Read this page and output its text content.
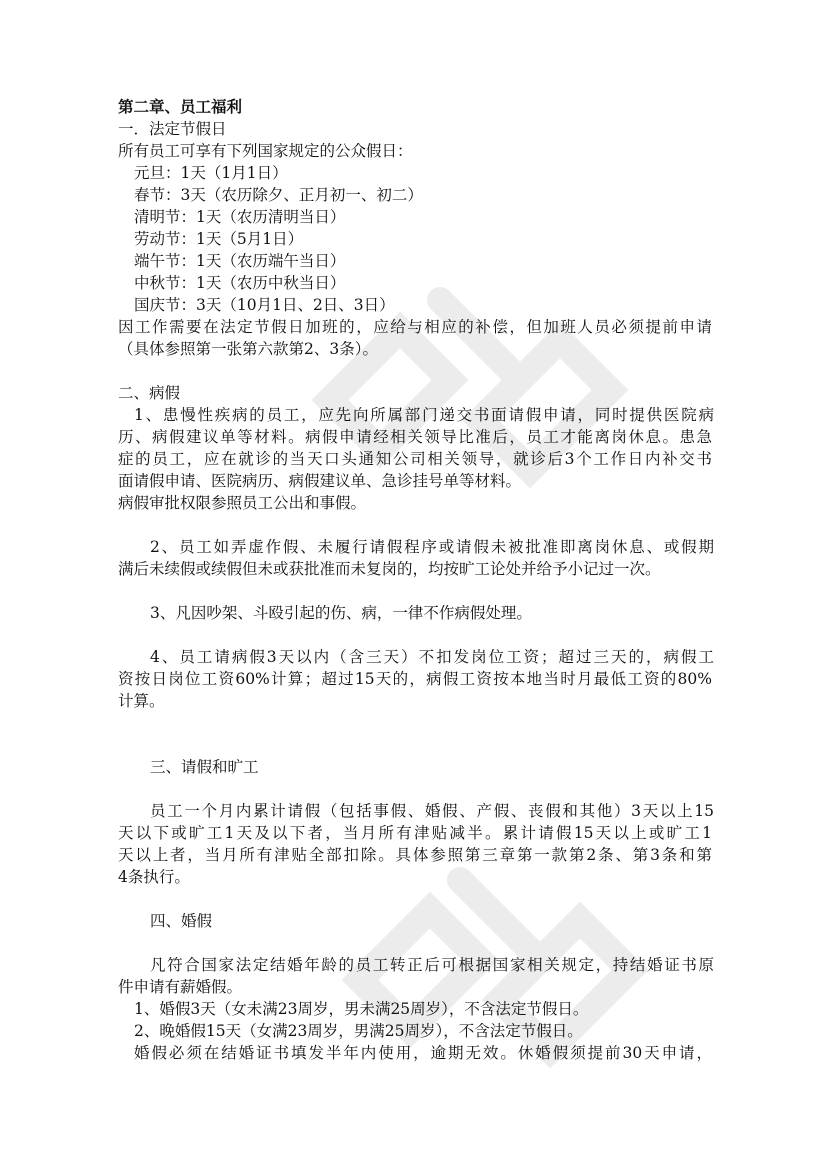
第二章、员工福利
一．法定节假日
所有员工可享有下列国家规定的公众假日：
元旦：1天（1月1日）
春节：3天（农历除夕、正月初一、初二）
清明节：1天（农历清明当日）
劳动节：1天（5月1日）
端午节：1天（农历端午当日）
中秋节：1天（农历中秋当日）
国庆节：3天（10月1日、2日、3日）
因工作需要在法定节假日加班的，应给与相应的补偿，但加班人员必须提前申请
（具体参照第一张第六款第2、3条）。
二、病假
1、患慢性疾病的员工，应先向所属部门递交书面请假申请，同时提供医院病
历、病假建议单等材料。病假申请经相关领导比准后，员工才能离岗休息。患急
症的员工，应在就诊的当天口头通知公司相关领导，就诊后3个工作日内补交书
面请假申请、医院病历、病假建议单、急诊挂号单等材料。
病假审批权限参照员工公出和事假。
2、员工如弄虚作假、未履行请假程序或请假未被批准即离岗休息、或假期
满后未续假或续假但未或获批准而未复岗的，均按旷工论处并给予小记过一次。
3、凡因吵架、斗殴引起的伤、病，一律不作病假处理。
4、员工请病假3天以内（含三天）不扣发岗位工资；超过三天的，病假工
资按日岗位工资60%计算；超过15天的，病假工资按本地当时月最低工资的80%
计算。
三、请假和旷工
员工一个月内累计请假（包括事假、婚假、产假、丧假和其他）3天以上15
天以下或旷工1天及以下者，当月所有津贴减半。累计请假15天以上或旷工1
天以上者，当月所有津贴全部扣除。具体参照第三章第一款第2条、第3条和第
4条执行。
四、婚假
凡符合国家法定结婚年龄的员工转正后可根据国家相关规定，持结婚证书原
件申请有薪婚假。
1、婚假3天（女未满23周岁，男未满25周岁），不含法定节假日。
2、晚婚假15天（女满23周岁，男满25周岁），不含法定节假日。
婚假必须在结婚证书填发半年内使用，逾期无效。休婚假须提前30天申请，
